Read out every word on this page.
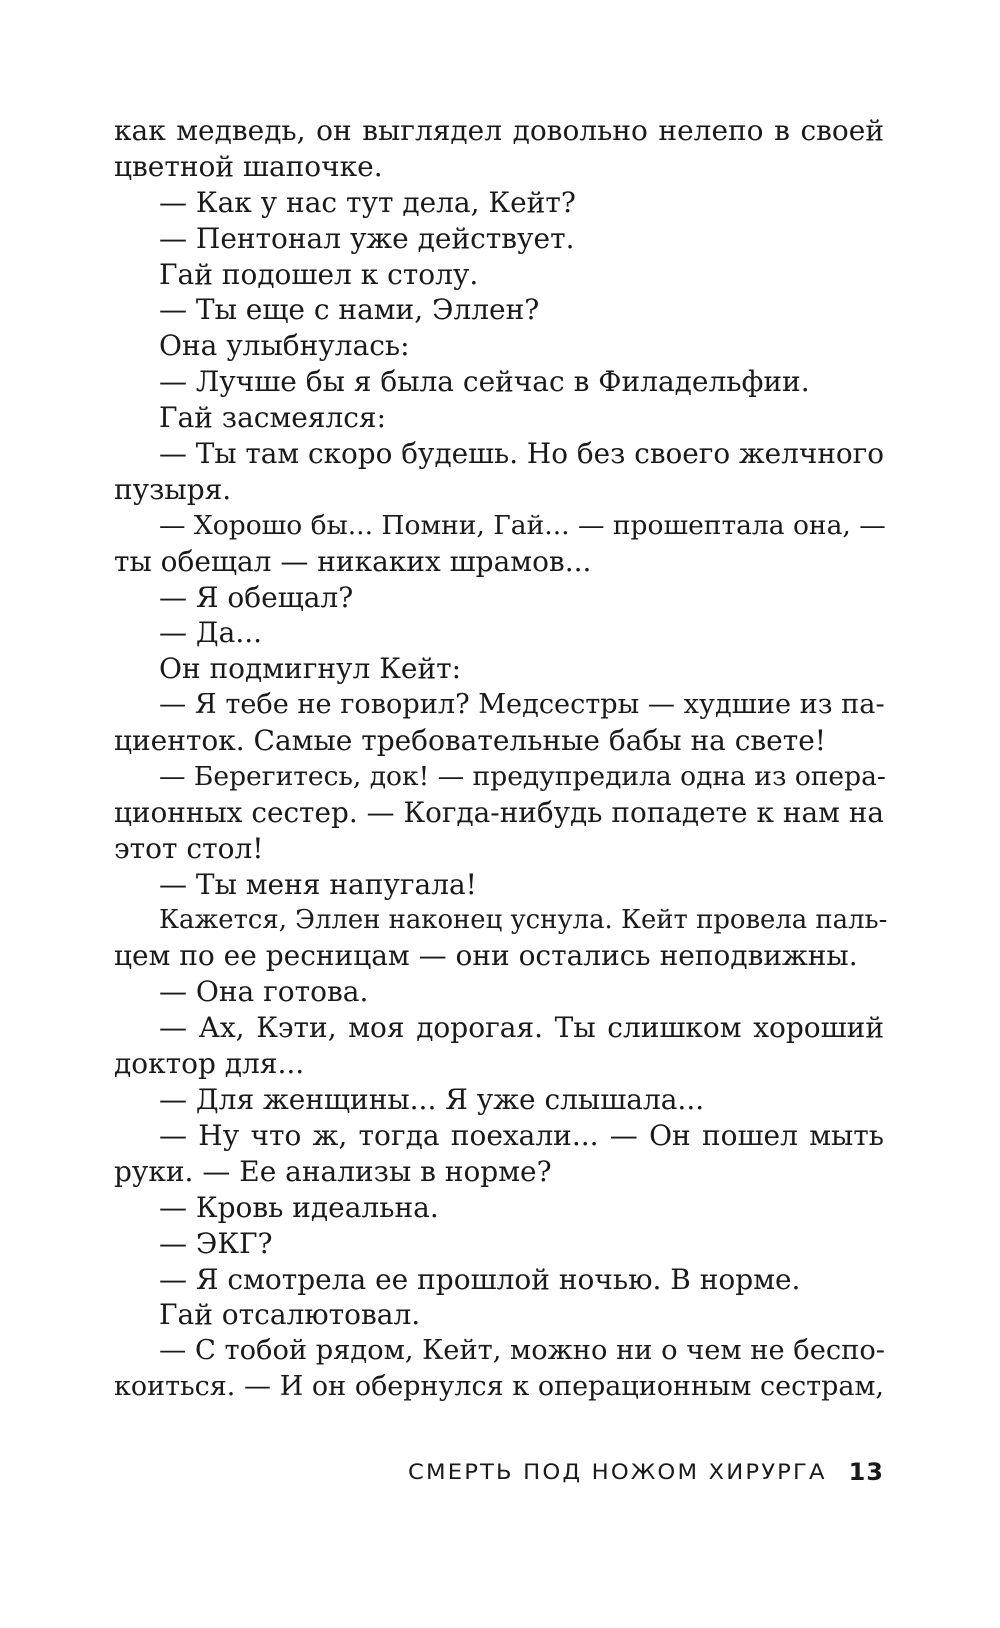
как медведь, он выглядел довольно нелепо в своей
цветной шапочке.
— Как у нас тут дела, Кейт?
— Пентонал уже действует.
Гай подошел к столу.
— Ты еще с нами, Эллен?
Она улыбнулась:
— Лучше бы я была сейчас в Филадельфии.
Гай засмеялся:
— Ты там скоро будешь. Но без своего желчного
пузыря.
— Хорошо бы... Помни, Гай... — прошептала она, —
ты обещал — никаких шрамов...
— Я обещал?
— Да...
Он подмигнул Кейт:
— Я тебе не говорил? Медсестры — худшие из па-
циенток. Самые требовательные бабы на свете!
— Берегитесь, док! — предупредила одна из опера-
ционных сестер. — Когда-нибудь попадете к нам на
этот стол!
— Ты меня напугала!
Кажется, Эллен наконец уснула. Кейт провела паль-
цем по ее ресницам — они остались неподвижны.
— Она готова.
— Ах, Кэти, моя дорогая. Ты слишком хороший
доктор для...
— Для женщины... Я уже слышала...
— Ну что ж, тогда поехали... — Он пошел мыть
руки. — Ее анализы в норме?
— Кровь идеальна.
— ЭКГ?
— Я смотрела ее прошлой ночью. В норме.
Гай отсалютовал.
— С тобой рядом, Кейт, можно ни о чем не беспо-
коиться. — И он обернулся к операционным сестрам,
СМЕРТЬ ПОД НОЖОМ ХИРУРГА 13
